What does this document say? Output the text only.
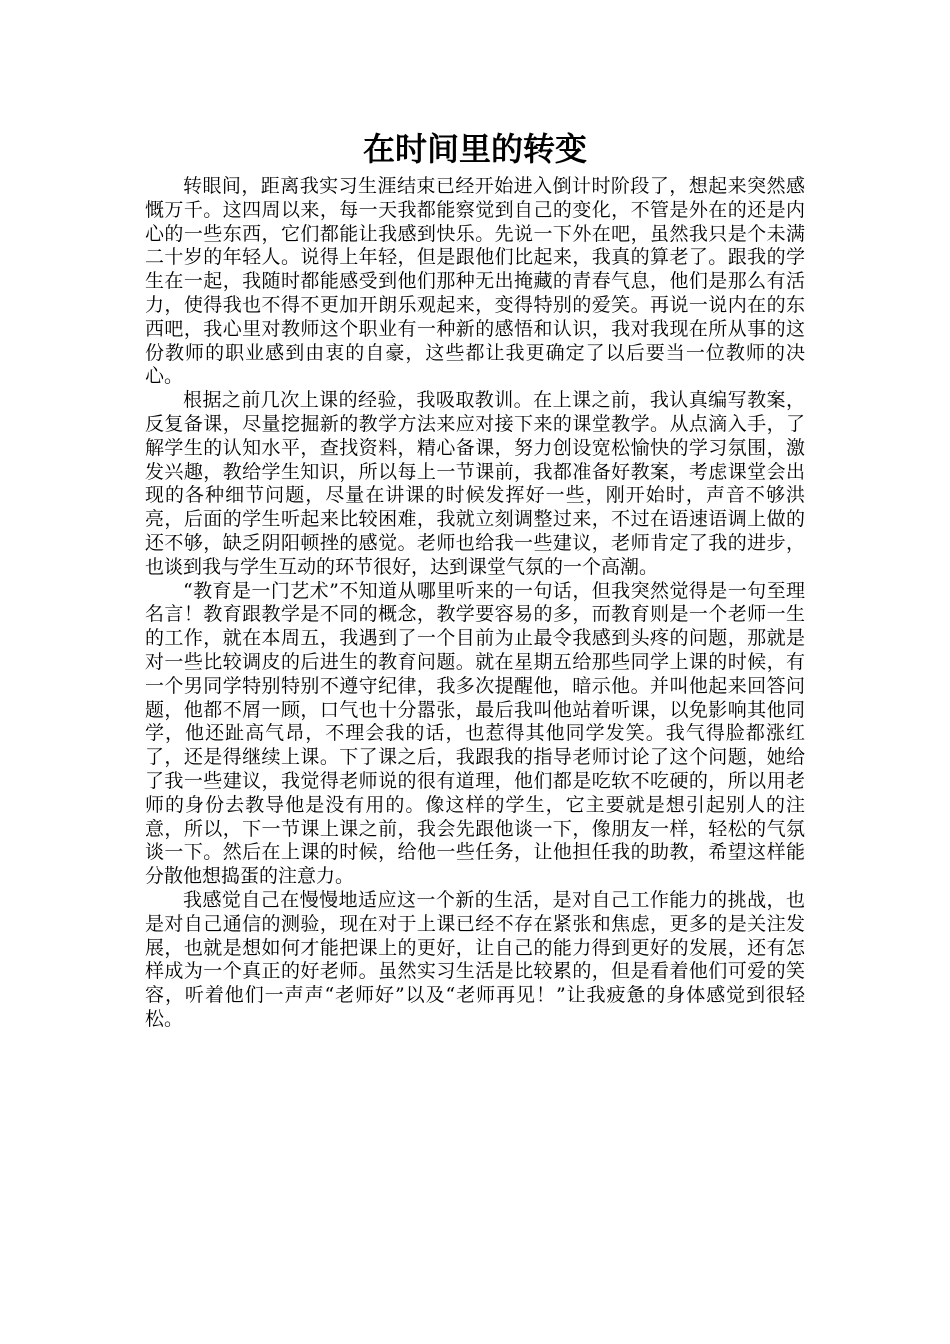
在时间里的转变

转眼间，距离我实习生涯结束已经开始进入倒计时阶段了，想起来突然感慨万千。这四周以来，每一天我都能察觉到自己的变化，不管是外在的还是内心的一些东西，它们都能让我感到快乐。先说一下外在吧，虽然我只是个未满二十岁的年轻人。说得上年轻，但是跟他们比起来，我真的算老了。跟我的学生在一起，我随时都能感受到他们那种无出掩藏的青春气息，他们是那么有活力，使得我也不得不更加开朗乐观起来，变得特别的爱笑。再说一说内在的东西吧，我心里对教师这个职业有一种新的感悟和认识，我对我现在所从事的这份教师的职业感到由衷的自豪，这些都让我更确定了以后要当一位教师的决心。

根据之前几次上课的经验，我吸取教训。在上课之前，我认真编写教案，反复备课，尽量挖掘新的教学方法来应对接下来的课堂教学。从点滴入手，了解学生的认知水平，查找资料，精心备课，努力创设宽松愉快的学习氛围，激发兴趣，教给学生知识，所以每上一节课前，我都准备好教案，考虑课堂会出现的各种细节问题，尽量在讲课的时候发挥好一些，刚开始时，声音不够洪亮，后面的学生听起来比较困难，我就立刻调整过来，不过在语速语调上做的还不够，缺乏阴阳顿挫的感觉。老师也给我一些建议，老师肯定了我的进步，也谈到我与学生互动的环节很好，达到课堂气氛的一个高潮。

“教育是一门艺术”不知道从哪里听来的一句话，但我突然觉得是一句至理名言！教育跟教学是不同的概念，教学要容易的多，而教育则是一个老师一生的工作，就在本周五，我遇到了一个目前为止最令我感到头疼的问题，那就是对一些比较调皮的后进生的教育问题。就在星期五给那些同学上课的时候，有一个男同学特别特别不遵守纪律，我多次提醒他，暗示他。并叫他起来回答问题，他都不屑一顾，口气也十分嚣张，最后我叫他站着听课，以免影响其他同学，他还趾高气昂，不理会我的话，也惹得其他同学发笑。我气得脸都涨红了，还是得继续上课。下了课之后，我跟我的指导老师讨论了这个问题，她给了我一些建议，我觉得老师说的很有道理，他们都是吃软不吃硬的，所以用老师的身份去教导他是没有用的。像这样的学生，它主要就是想引起别人的注意，所以，下一节课上课之前，我会先跟他谈一下，像朋友一样，轻松的气氛谈一下。然后在上课的时候，给他一些任务，让他担任我的助教，希望这样能分散他想捣蛋的注意力。

我感觉自己在慢慢地适应这一个新的生活，是对自己工作能力的挑战，也是对自己通信的测验，现在对于上课已经不存在紧张和焦虑，更多的是关注发展，也就是想如何才能把课上的更好，让自己的能力得到更好的发展，还有怎样成为一个真正的好老师。虽然实习生活是比较累的，但是看着他们可爱的笑容，听着他们一声声“老师好”以及“老师再见！”让我疲惫的身体感觉到很轻松。
